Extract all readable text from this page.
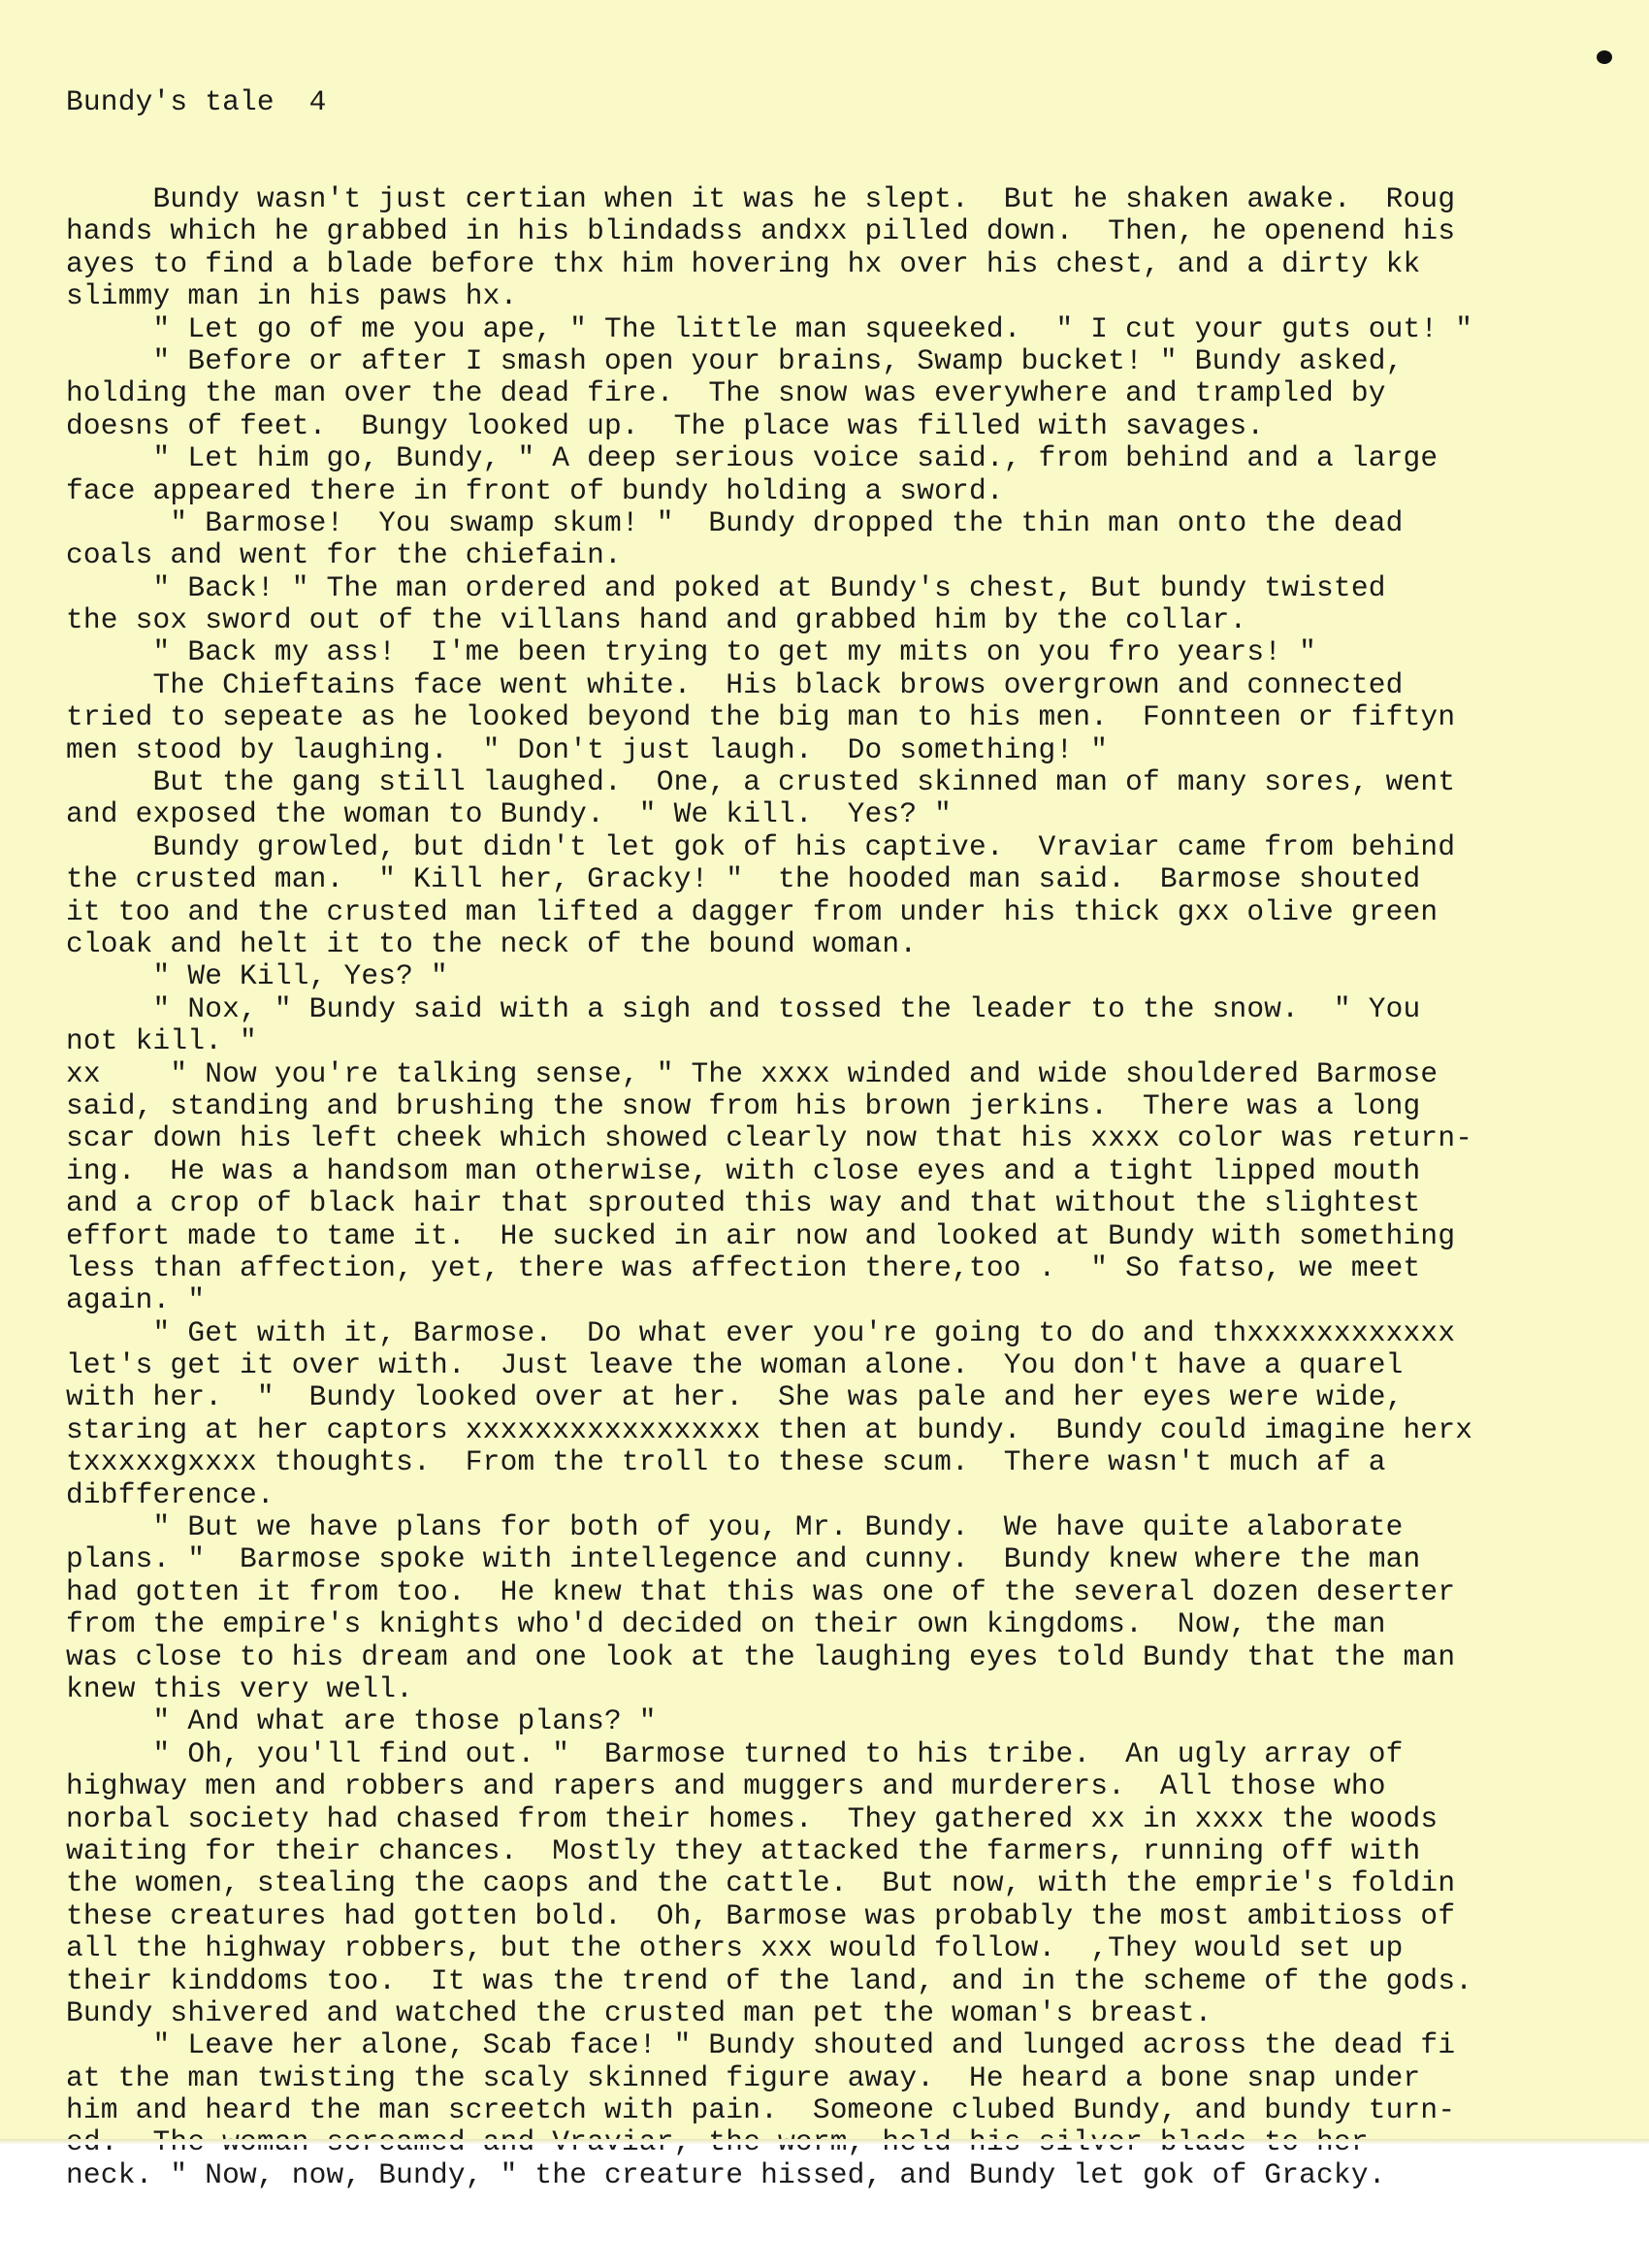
Bundy's tale  4

Bundy wasn't just certian when it was he slept.  But he shaken awake.  Roug
hands which he grabbed in his blindadss andxx pilled down.  Then, he openend his
ayes to find a blade before thx him hovering hx over his chest, and a dirty kk
slimmy man in his paws hx.
" Let go of me you ape, " The little man squeeked.  " I cut your guts out! "
" Before or after I smash open your brains, Swamp bucket! " Bundy asked,
holding the man over the dead fire.  The snow was everywhere and trampled by
doesns of feet.  Bungy looked up.  The place was filled with savages.
" Let him go, Bundy, " A deep serious voice said., from behind and a large
face appeared there in front of bundy holding a sword.
" Barmose!  You swamp skum! "  Bundy dropped the thin man onto the dead
coals and went for the chiefain.
" Back! " The man ordered and poked at Bundy's chest, But bundy twisted
the sox sword out of the villans hand and grabbed him by the collar.
" Back my ass!  I'me been trying to get my mits on you fro years! "
The Chieftains face went white.  His black brows overgrown and connected
tried to sepeate as he looked beyond the big man to his men.  Fonnteen or fiftyn
men stood by laughing.  " Don't just laugh.  Do something! "
But the gang still laughed.  One, a crusted skinned man of many sores, went
and exposed the woman to Bundy.  " We kill.  Yes? "
Bundy growled, but didn't let gok of his captive.  Vraviar came from behind
the crusted man.  " Kill her, Gracky! "  the hooded man said.  Barmose shouted
it too and the crusted man lifted a dagger from under his thick gxx olive green
cloak and helt it to the neck of the bound woman.
" We Kill, Yes? "
" Nox, " Bundy said with a sigh and tossed the leader to the snow.  " You
not kill. "
xx    " Now you're talking sense, " The xxxx winded and wide shouldered Barmose
said, standing and brushing the snow from his brown jerkins.  There was a long
scar down his left cheek which showed clearly now that his xxxx color was return-
ing.  He was a handsom man otherwise, with close eyes and a tight lipped mouth
and a crop of black hair that sprouted this way and that without the slightest
effort made to tame it.  He sucked in air now and looked at Bundy with something
less than affection, yet, there was affection there,too .  " So fatso, we meet
again. "
" Get with it, Barmose.  Do what ever you're going to do and thxxxxxxxxxxxx
let's get it over with.  Just leave the woman alone.  You don't have a quarel
with her.  "  Bundy looked over at her.  She was pale and her eyes were wide,
staring at her captors xxxxxxxxxxxxxxxxx then at bundy.  Bundy could imagine herx
txxxxxgxxxx thoughts.  From the troll to these scum.  There wasn't much af a
dibfference.
" But we have plans for both of you, Mr. Bundy.  We have quite alaborate
plans. "  Barmose spoke with intellegence and cunny.  Bundy knew where the man
had gotten it from too.  He knew that this was one of the several dozen deserter
from the empire's knights who'd decided on their own kingdoms.  Now, the man
was close to his dream and one look at the laughing eyes told Bundy that the man
knew this very well.
" And what are those plans? "
" Oh, you'll find out. "  Barmose turned to his tribe.  An ugly array of
highway men and robbers and rapers and muggers and murderers.  All those who
norbal society had chased from their homes.  They gathered xx in xxxx the woods
waiting for their chances.  Mostly they attacked the farmers, running off with
the women, stealing the caops and the cattle.  But now, with the emprie's foldin
these creatures had gotten bold.  Oh, Barmose was probably the most ambitioss of
all the highway robbers, but the others xxx would follow.  ,They would set up
their kinddoms too.  It was the trend of the land, and in the scheme of the gods.
Bundy shivered and watched the crusted man pet the woman's breast.
" Leave her alone, Scab face! " Bundy shouted and lunged across the dead fi
at the man twisting the scaly skinned figure away.  He heard a bone snap under
him and heard the man screetch with pain.  Someone clubed Bundy, and bundy turn-
neck. " Now, now, Bundy, " the creature hissed, and Bundy let gok of Gracky.
